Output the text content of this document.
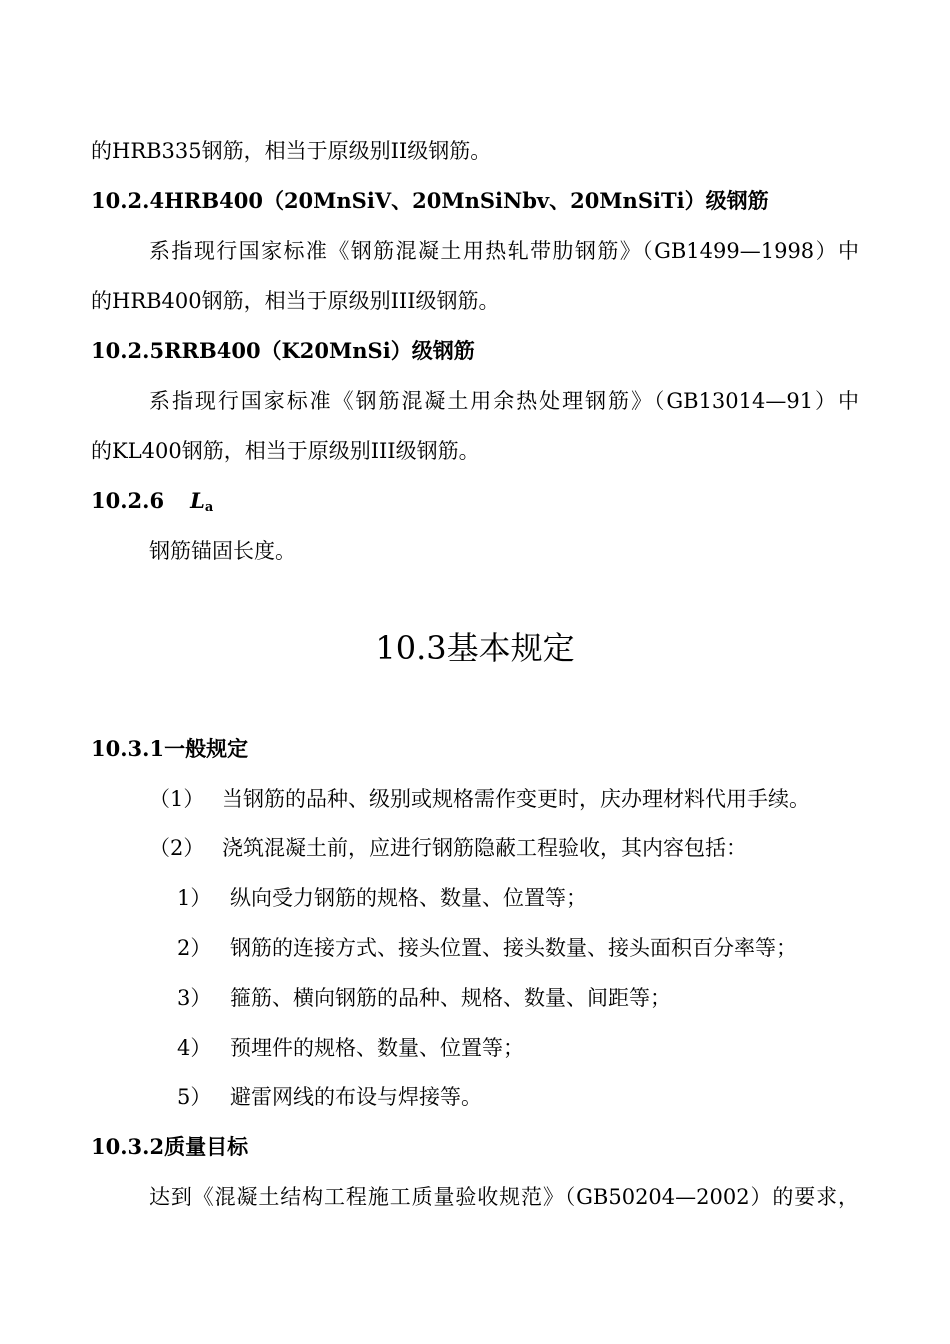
的HRB335钢筋，相当于原级别II级钢筋。
10.2.4HRB400（20MnSiV、20MnSiNbv、20MnSiTi）级钢筋
系指现行国家标准《钢筋混凝土用热轧带肋钢筋》（GB1499—1998）中
的HRB400钢筋，相当于原级别III级钢筋。
10.2.5RRB400（K20MnSi）级钢筋
系指现行国家标准《钢筋混凝土用余热处理钢筋》（GB13014—91）中
的KL400钢筋，相当于原级别III级钢筋。
10.2.6 $L_a$
钢筋锚固长度。
10.3基本规定
10.3.1一般规定
（1） 当钢筋的品种、级别或规格需作变更时，庆办理材料代用手续。
（2） 浇筑混凝土前，应进行钢筋隐蔽工程验收，其内容包括：
1） 纵向受力钢筋的规格、数量、位置等；
2） 钢筋的连接方式、接头位置、接头数量、接头面积百分率等；
3） 箍筋、横向钢筋的品种、规格、数量、间距等；
4） 预埋件的规格、数量、位置等；
5） 避雷网线的布设与焊接等。
10.3.2质量目标
达到《混凝土结构工程施工质量验收规范》（GB50204—2002）的要求，
